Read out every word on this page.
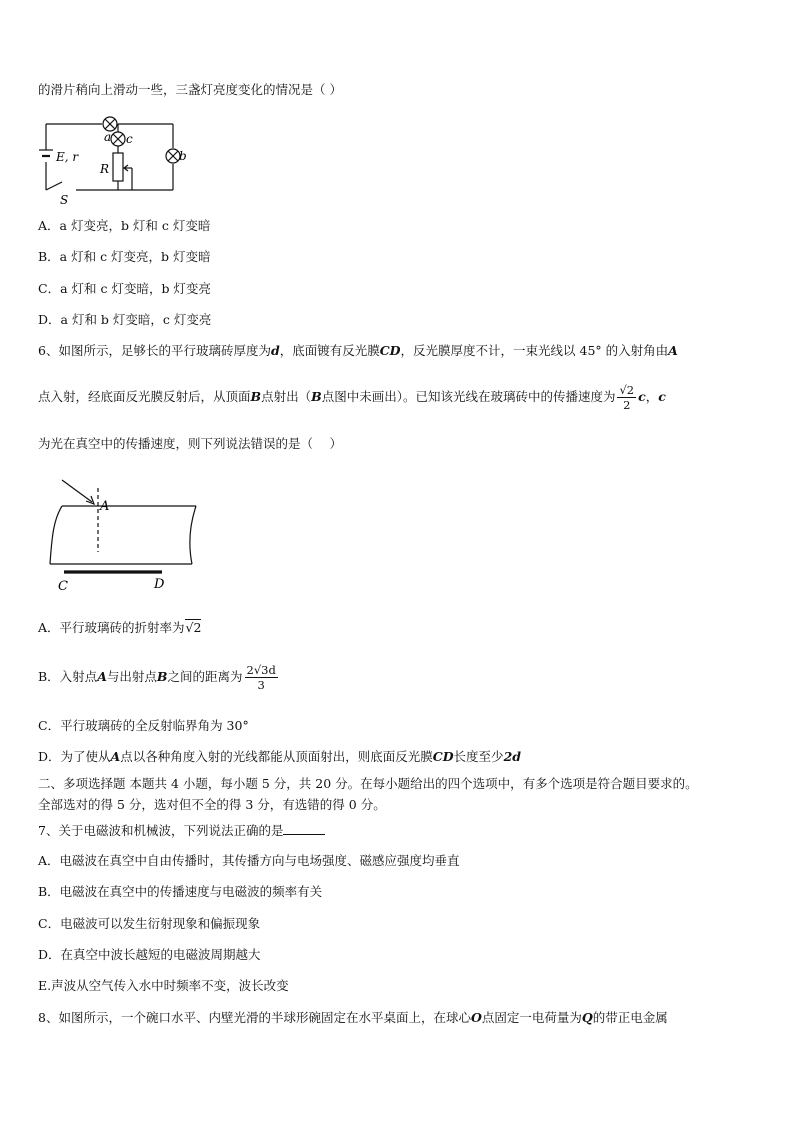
的滑片稍向上滑动一些，三盏灯亮度变化的情况是（ ）
a c
b
E, r
R
S
A．a 灯变亮，b 灯和 c 灯变暗
B．a 灯和 c 灯变亮，b 灯变暗
C．a 灯和 c 灯变暗，b 灯变亮
D．a 灯和 b 灯变暗，c 灯变亮
6、如图所示，足够长的平行玻璃砖厚度为d，底面镀有反光膜CD，反光膜厚度不计，一束光线以 45° 的入射角由A
点入射，经底面反光膜反射后，从顶面B点射出（B点图中未画出）。已知该光线在玻璃砖中的传播速度为 $\frac{√2}{2}$ c，c
为光在真空中的传播速度，则下列说法错误的是（　 ）
A
C	D
A．平行玻璃砖的折射率为√2
B．入射点A与出射点B之间的距离为 $\frac{2√3d}{3}$
C．平行玻璃砖的全反射临界角为 30°
D．为了使从A点以各种角度入射的光线都能从顶面射出，则底面反光膜CD长度至少2d
二、多项选择题 本题共 4 小题，每小题 5 分，共 20 分。在每小题给出的四个选项中，有多个选项是符合题目要求的。
全部选对的得 5 分，选对但不全的得 3 分，有选错的得 0 分。
7、关于电磁波和机械波，下列说法正确的是
A．电磁波在真空中自由传播时，其传播方向与电场强度、磁感应强度均垂直
B．电磁波在真空中的传播速度与电磁波的频率有关
C．电磁波可以发生衍射现象和偏振现象
D．在真空中波长越短的电磁波周期越大
E.声波从空气传入水中时频率不变，波长改变
8、如图所示，一个碗口水平、内壁光滑的半球形碗固定在水平桌面上，在球心O点固定一电荷量为Q的带正电金属
